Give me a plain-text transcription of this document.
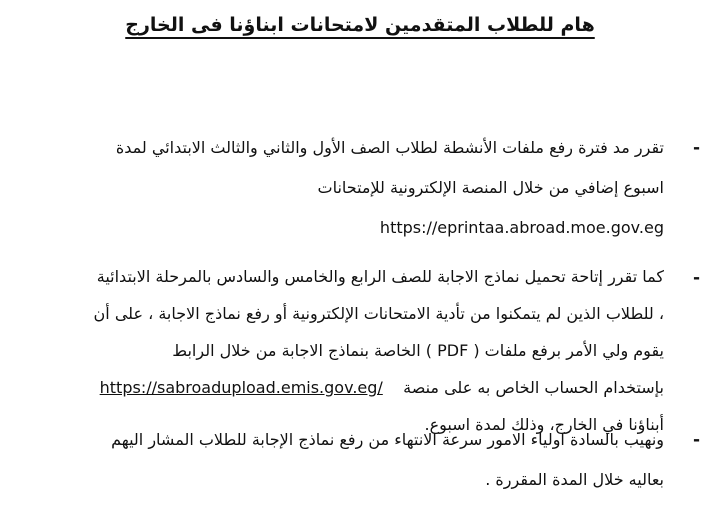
هام للطلاب المتقدمين لامتحانات ابناؤنا فى الخارج
-
تقرر مد فترة رفع ملفات الأنشطة لطلاب الصف الأول والثاني والثالث الابتدائي لمدة
اسبوع إضافي من خلال المنصة الإلكترونية للإمتحانات
https://eprintaa.abroad.moe.gov.eg
-
كما تقرر إتاحة تحميل نماذج الاجابة للصف الرابع والخامس والسادس بالمرحلة الابتدائية
، للطلاب الذين لم يتمكنوا من تأدية الامتحانات الإلكترونية أو رفع نماذج الاجابة ، على أن
يقوم ولي الأمر برفع ملفات ( PDF ) الخاصة بنماذج الاجابة من خلال الرابط
بإستخدام الحساب الخاص به على منصة    https://sabroadupload.emis.gov.eg/
أبناؤنا في الخارج، وذلك لمدة اسبوع.
-
ونهيب بالسادة اولياء الامور سرعة الانتهاء من رفع نماذج الإجابة للطلاب المشار اليهم
بعاليه خلال المدة المقررة .
